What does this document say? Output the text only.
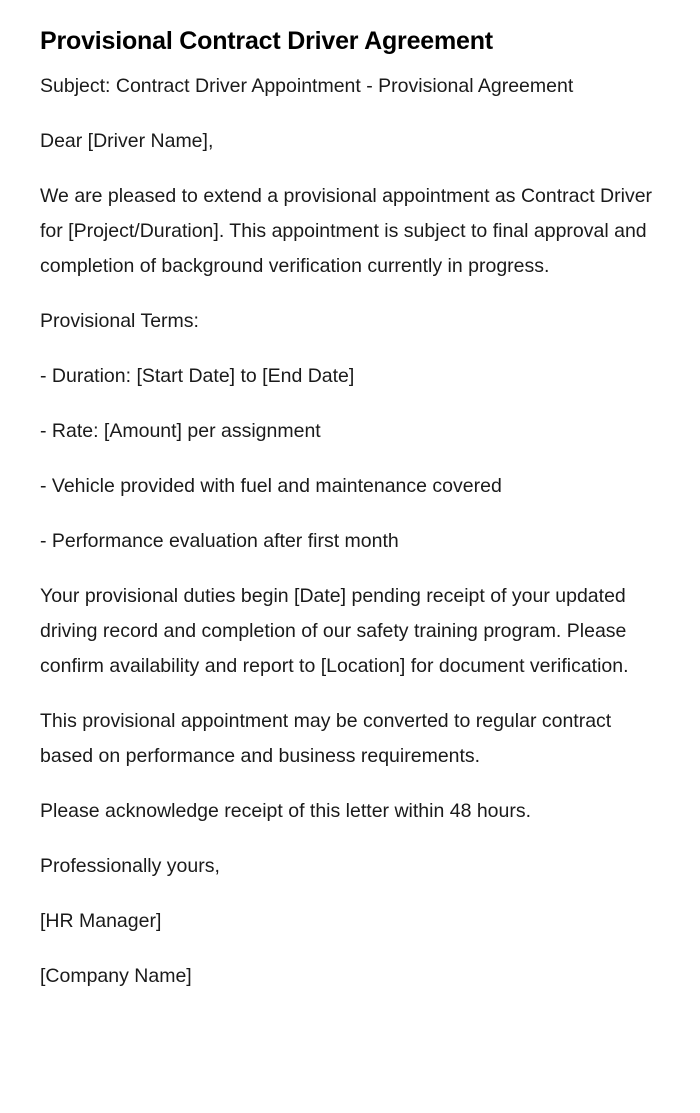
Provisional Contract Driver Agreement

Subject: Contract Driver Appointment - Provisional Agreement

Dear [Driver Name],

We are pleased to extend a provisional appointment as Contract Driver for [Project/Duration]. This appointment is subject to final approval and completion of background verification currently in progress.

Provisional Terms:

- Duration: [Start Date] to [End Date]

- Rate: [Amount] per assignment

- Vehicle provided with fuel and maintenance covered

- Performance evaluation after first month

Your provisional duties begin [Date] pending receipt of your updated driving record and completion of our safety training program. Please confirm availability and report to [Location] for document verification.

This provisional appointment may be converted to regular contract based on performance and business requirements.

Please acknowledge receipt of this letter within 48 hours.

Professionally yours,

[HR Manager]

[Company Name]
